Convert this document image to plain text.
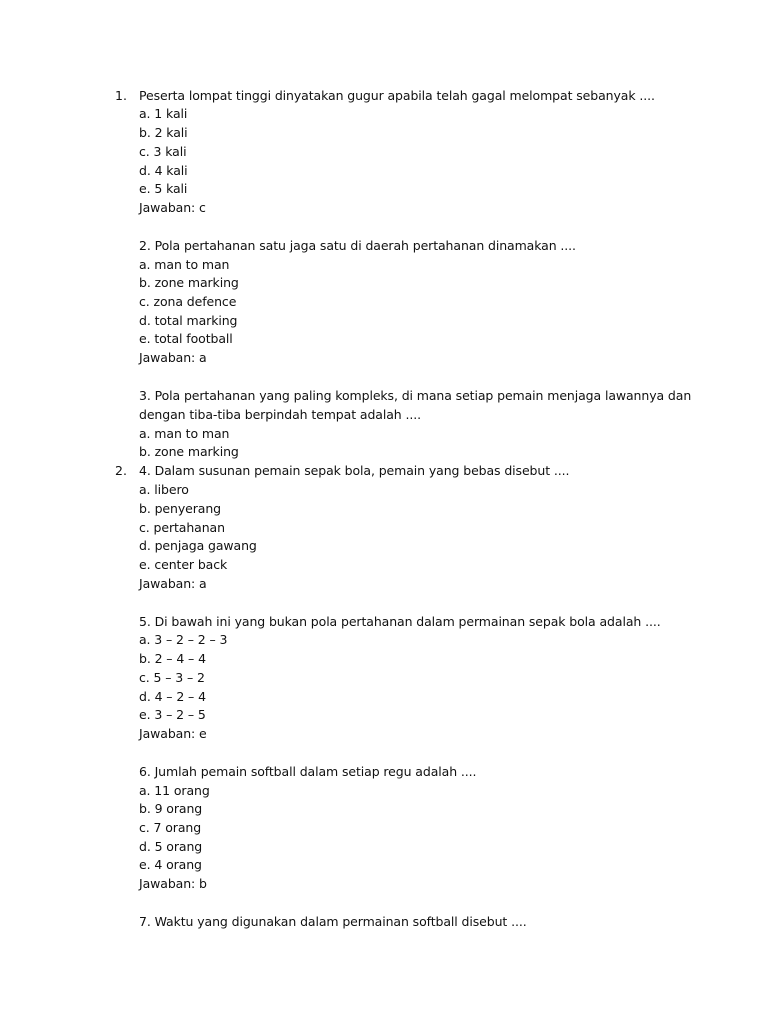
1.
2.
Peserta lompat tinggi dinyatakan gugur apabila telah gagal melompat sebanyak ....
a. 1 kali
b. 2 kali
c. 3 kali
d. 4 kali
e. 5 kali
Jawaban: c
2. Pola pertahanan satu jaga satu di daerah pertahanan dinamakan ....
a. man to man
b. zone marking
c. zona defence
d. total marking
e. total football
Jawaban: a
3. Pola pertahanan yang paling kompleks, di mana setiap pemain menjaga lawannya dan
dengan tiba-tiba berpindah tempat adalah ....
a. man to man
b. zone marking
4. Dalam susunan pemain sepak bola, pemain yang bebas disebut ....
a. libero
b. penyerang
c. pertahanan
d. penjaga gawang
e. center back
Jawaban: a
5. Di bawah ini yang bukan pola pertahanan dalam permainan sepak bola adalah ....
a. 3 – 2 – 2 – 3
b. 2 – 4 – 4
c. 5 – 3 – 2
d. 4 – 2 – 4
e. 3 – 2 – 5
Jawaban: e
6. Jumlah pemain softball dalam setiap regu adalah ....
a. 11 orang
b. 9 orang
c. 7 orang
d. 5 orang
e. 4 orang
Jawaban: b
7. Waktu yang digunakan dalam permainan softball disebut ....
